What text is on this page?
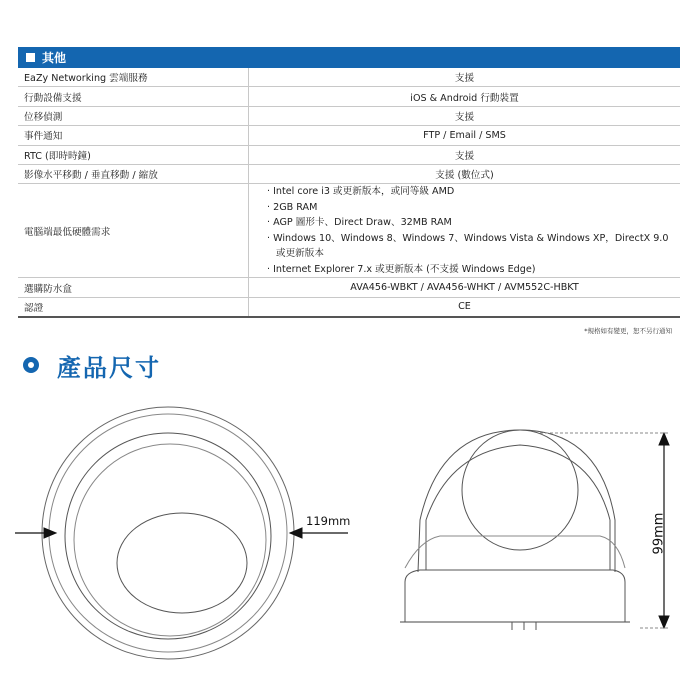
其他
EaZy Networking 雲端服務	支援
行動設備支援	iOS & Android 行動裝置
位移偵測	支援
事件通知	FTP / Email / SMS
RTC (即時時鐘)	支援
影像水平移動 / 垂直移動 / 縮放	支援 (數位式)
電腦端最低硬體需求	· Intel core i3 或更新版本，或同等級 AMD
· 2GB RAM
· AGP 圖形卡、Direct Draw、32MB RAM
· Windows 10、Windows 8、Windows 7、Windows Vista & Windows XP，DirectX 9.0 或更新版本
· Internet Explorer 7.x 或更新版本 (不支援 Windows Edge)

選購防水盒	AVA456-WBKT / AVA456-WHKT / AVM552C-HBKT
認證	CE
*規格如有變更，恕不另行通知
產品尺寸
119mm	99mm
